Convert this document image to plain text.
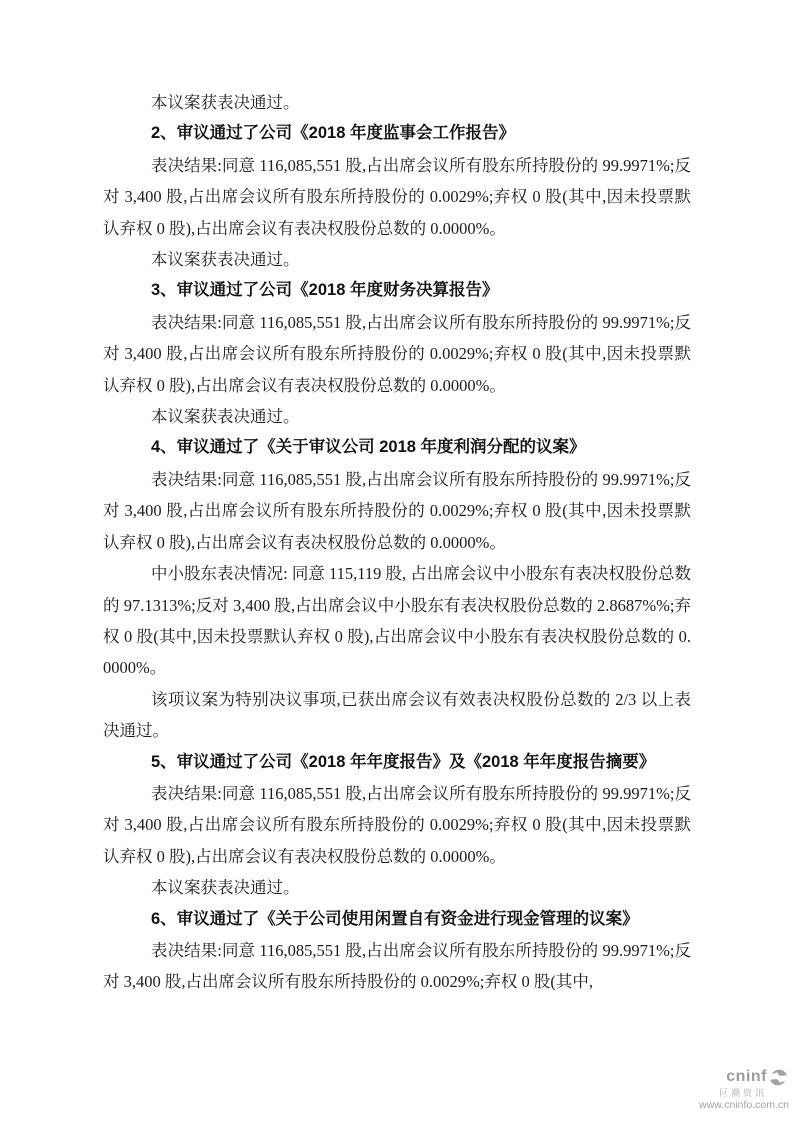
本议案获表决通过。

2、审议通过了公司《2018 年度监事会工作报告》

表决结果:同意 116,085,551 股,占出席会议所有股东所持股份的 99.9971%;反对 3,400 股,占出席会议所有股东所持股份的 0.0029%;弃权 0 股(其中,因未投票默认弃权 0 股),占出席会议有表决权股份总数的 0.0000%。

本议案获表决通过。

3、审议通过了公司《2018 年度财务决算报告》

表决结果:同意 116,085,551 股,占出席会议所有股东所持股份的 99.9971%;反对 3,400 股,占出席会议所有股东所持股份的 0.0029%;弃权 0 股(其中,因未投票默认弃权 0 股),占出席会议有表决权股份总数的 0.0000%。

本议案获表决通过。

4、审议通过了《关于审议公司 2018 年度利润分配的议案》

表决结果:同意 116,085,551 股,占出席会议所有股东所持股份的 99.9971%;反对 3,400 股,占出席会议所有股东所持股份的 0.0029%;弃权 0 股(其中,因未投票默认弃权 0 股),占出席会议有表决权股份总数的 0.0000%。

中小股东表决情况: 同意 115,119 股, 占出席会议中小股东有表决权股份总数的 97.1313%;反对 3,400 股,占出席会议中小股东有表决权股份总数的 2.8687%%;弃权 0 股(其中,因未投票默认弃权 0 股),占出席会议中小股东有表决权股份总数的 0.0000%。

该项议案为特别决议事项,已获出席会议有效表决权股份总数的 2/3 以上表决通过。

5、审议通过了公司《2018 年年度报告》及《2018 年年度报告摘要》

表决结果:同意 116,085,551 股,占出席会议所有股东所持股份的 99.9971%;反对 3,400 股,占出席会议所有股东所持股份的 0.0029%;弃权 0 股(其中,因未投票默认弃权 0 股),占出席会议有表决权股份总数的 0.0000%。

本议案获表决通过。

6、审议通过了《关于公司使用闲置自有资金进行现金管理的议案》

表决结果:同意 116,085,551 股,占出席会议所有股东所持股份的 99.9971%;反对 3,400 股,占出席会议所有股东所持股份的 0.0029%;弃权 0 股(其中,

cninf
巨潮资讯
www.cninfo.com.cn
